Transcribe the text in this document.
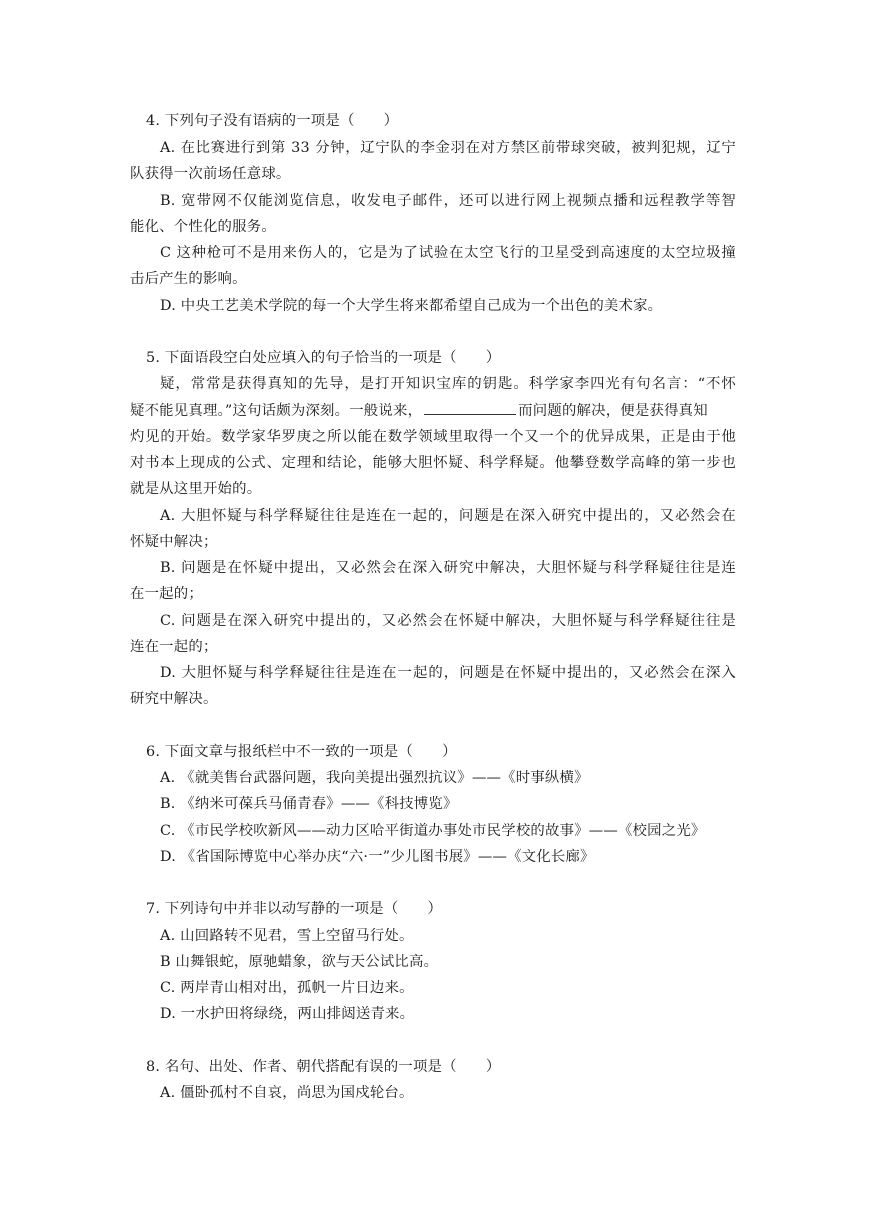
4. 下列句子没有语病的一项是（　　）
A. 在比赛进行到第 33 分钟，辽宁队的李金羽在对方禁区前带球突破，被判犯规，辽宁
队获得一次前场任意球。
B. 宽带网不仅能浏览信息，收发电子邮件，还可以进行网上视频点播和远程教学等智
能化、个性化的服务。
C 这种枪可不是用来伤人的，它是为了试验在太空飞行的卫星受到高速度的太空垃圾撞
击后产生的影响。
D. 中央工艺美术学院的每一个大学生将来都希望自己成为一个出色的美术家。
5. 下面语段空白处应填入的句子恰当的一项是（　　）
疑，常常是获得真知的先导，是打开知识宝库的钥匙。科学家李四光有句名言：“不怀
疑不能见真理。”这句话颇为深刻。一般说来，	而问题的解决，便是获得真知
灼见的开始。数学家华罗庚之所以能在数学领域里取得一个又一个的优异成果，正是由于他
对书本上现成的公式、定理和结论，能够大胆怀疑、科学释疑。他攀登数学高峰的第一步也
就是从这里开始的。
A. 大胆怀疑与科学释疑往往是连在一起的，问题是在深入研究中提出的，又必然会在
怀疑中解决；
B. 问题是在怀疑中提出，又必然会在深入研究中解决，大胆怀疑与科学释疑往往是连
在一起的；
C. 问题是在深入研究中提出的，又必然会在怀疑中解决，大胆怀疑与科学释疑往往是
连在一起的；
D. 大胆怀疑与科学释疑往往是连在一起的，问题是在怀疑中提出的，又必然会在深入
研究中解决。
6. 下面文章与报纸栏中不一致的一项是（　　）
A. 《就美售台武器问题，我向美提出强烈抗议》——《时事纵横》
B. 《纳米可葆兵马俑青春》——《科技博览》
C. 《市民学校吹新风——动力区哈平街道办事处市民学校的故事》——《校园之光》
D. 《省国际博览中心举办庆“六·一”少儿图书展》——《文化长廊》
7. 下列诗句中并非以动写静的一项是（　　）
A. 山回路转不见君，雪上空留马行处。
B 山舞银蛇，原驰蜡象，欲与天公试比高。
C. 两岸青山相对出，孤帆一片日边来。
D. 一水护田将绿绕，两山排闼送青来。
8. 名句、出处、作者、朝代搭配有误的一项是（　　）
A. 僵卧孤村不自哀，尚思为国戍轮台。
